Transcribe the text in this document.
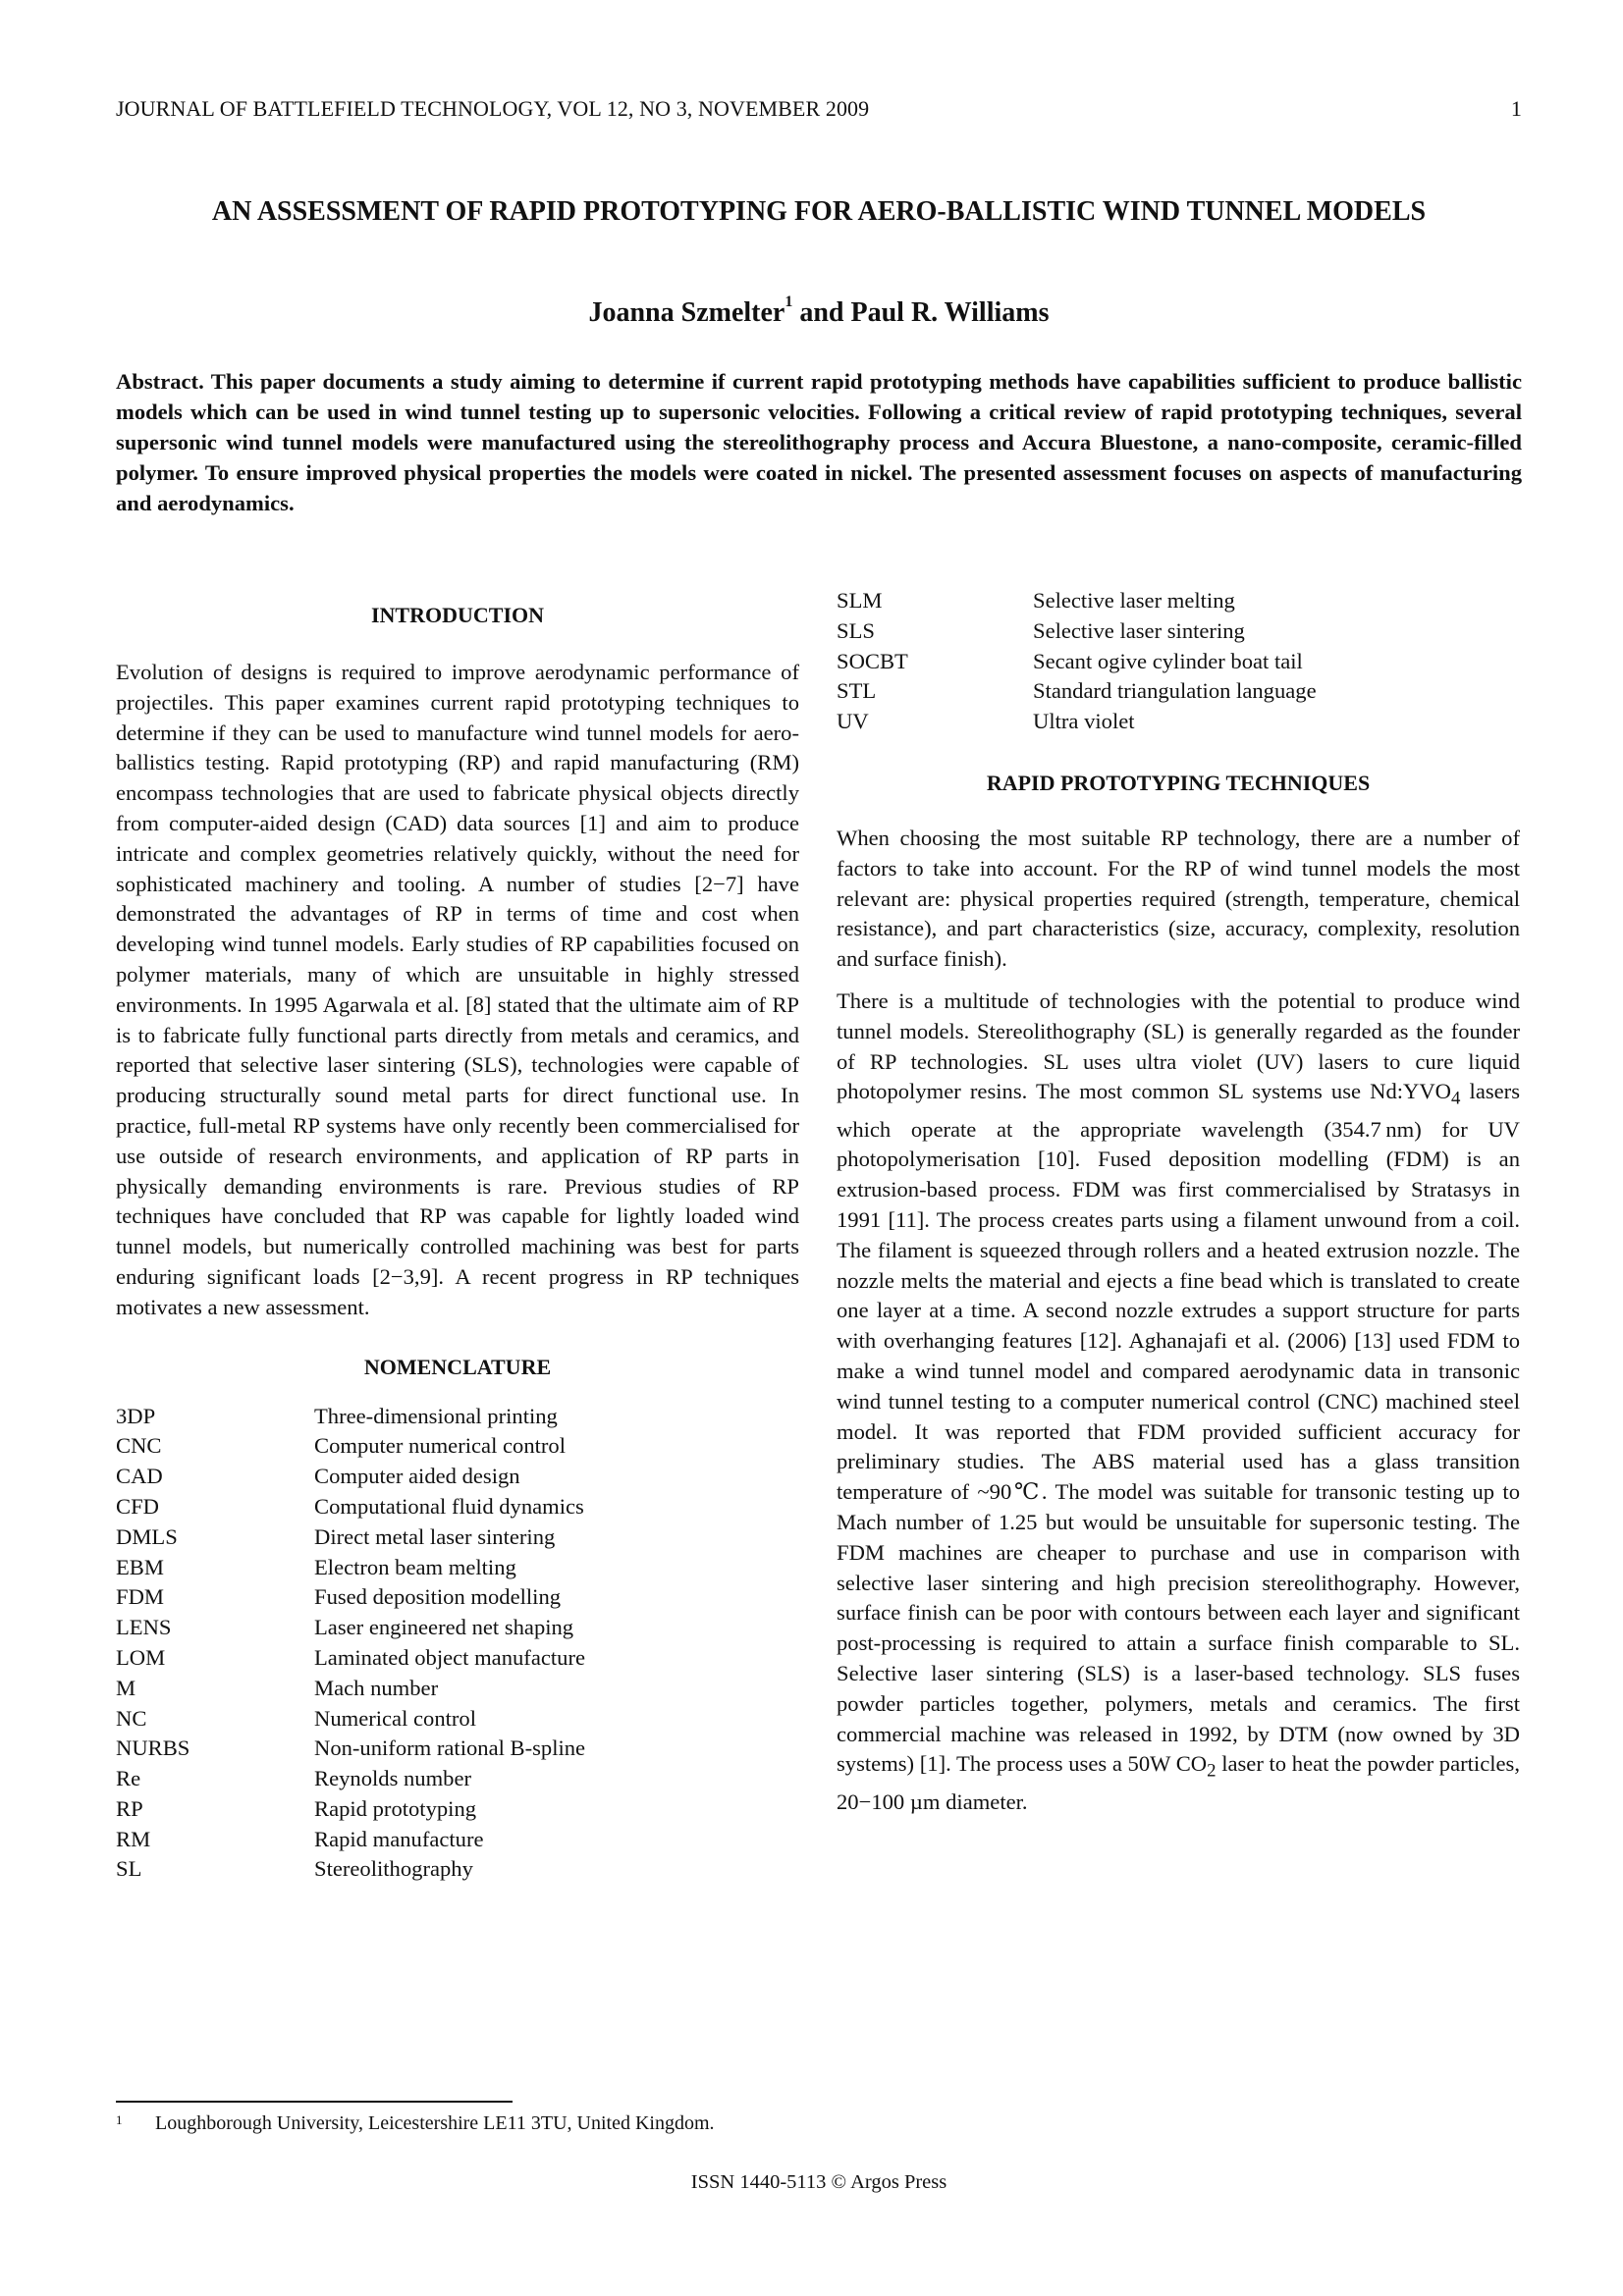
JOURNAL OF BATTLEFIELD TECHNOLOGY, VOL 12, NO 3, NOVEMBER 2009	1
AN ASSESSMENT OF RAPID PROTOTYPING FOR AERO-BALLISTIC WIND TUNNEL MODELS
Joanna Szmelter$^1$ and Paul R. Williams
Abstract. This paper documents a study aiming to determine if current rapid prototyping methods have capabilities sufficient to produce ballistic models which can be used in wind tunnel testing up to supersonic velocities. Following a critical review of rapid prototyping techniques, several supersonic wind tunnel models were manufactured using the stereolithography process and Accura Bluestone, a nano-composite, ceramic-filled polymer. To ensure improved physical properties the models were coated in nickel. The presented assessment focuses on aspects of manufacturing and aerodynamics.
INTRODUCTION

Evolution of designs is required to improve aerodynamic performance of projectiles. This paper examines current rapid prototyping techniques to determine if they can be used to manufacture wind tunnel models for aero-ballistics testing. Rapid prototyping (RP) and rapid manufacturing (RM) encompass technologies that are used to fabricate physical objects directly from computer-aided design (CAD) data sources [1] and aim to produce intricate and complex geometries relatively quickly, without the need for sophisticated machinery and tooling. A number of studies [2−7] have demonstrated the advantages of RP in terms of time and cost when developing wind tunnel models. Early studies of RP capabilities focused on polymer materials, many of which are unsuitable in highly stressed environments. In 1995 Agarwala et al. [8] stated that the ultimate aim of RP is to fabricate fully functional parts directly from metals and ceramics, and reported that selective laser sintering (SLS), technologies were capable of producing structurally sound metal parts for direct functional use. In practice, full-metal RP systems have only recently been commercialised for use outside of research environments, and application of RP parts in physically demanding environments is rare. Previous studies of RP techniques have concluded that RP was capable for lightly loaded wind tunnel models, but numerically controlled machining was best for parts enduring significant loads [2−3,9]. A recent progress in RP techniques motivates a new assessment.

NOMENCLATURE
3DP	Three-dimensional printing
CNC	Computer numerical control
CAD	Computer aided design
CFD	Computational fluid dynamics
DMLS	Direct metal laser sintering
EBM	Electron beam melting
FDM	Fused deposition modelling
LENS	Laser engineered net shaping
LOM	Laminated object manufacture
M	Mach number
NC	Numerical control
NURBS	Non-uniform rational B-spline
Re	Reynolds number
RP	Rapid prototyping
RM	Rapid manufacture
SL	Stereolithography
SLM	Selective laser melting
SLS	Selective laser sintering
SOCBT	Secant ogive cylinder boat tail
STL	Standard triangulation language
UV	Ultra violet
RAPID PROTOTYPING TECHNIQUES

When choosing the most suitable RP technology, there are a number of factors to take into account. For the RP of wind tunnel models the most relevant are: physical properties required (strength, temperature, chemical resistance), and part characteristics (size, accuracy, complexity, resolution and surface finish).

There is a multitude of technologies with the potential to produce wind tunnel models. Stereolithography (SL) is generally regarded as the founder of RP technologies. SL uses ultra violet (UV) lasers to cure liquid photopolymer resins. The most common SL systems use $Nd:YVO_4$ lasers which operate at the appropriate wavelength (354.7 nm) for UV photopolymerisation [10]. Fused deposition modelling (FDM) is an extrusion-based process. FDM was first commercialised by Stratasys in 1991 [11]. The process creates parts using a filament unwound from a coil. The filament is squeezed through rollers and a heated extrusion nozzle. The nozzle melts the material and ejects a fine bead which is translated to create one layer at a time. A second nozzle extrudes a support structure for parts with overhanging features [12]. Aghanajafi et al. (2006) [13] used FDM to make a wind tunnel model and compared aerodynamic data in transonic wind tunnel testing to a computer numerical control (CNC) machined steel model. It was reported that FDM provided sufficient accuracy for preliminary studies. The ABS material used has a glass transition temperature of ~90℃. The model was suitable for transonic testing up to Mach number of 1.25 but would be unsuitable for supersonic testing. The FDM machines are cheaper to purchase and use in comparison with selective laser sintering and high precision stereolithography. However, surface finish can be poor with contours between each layer and significant post-processing is required to attain a surface finish comparable to SL. Selective laser sintering (SLS) is a laser-based technology. SLS fuses powder particles together, polymers, metals and ceramics. The first commercial machine was released in 1992, by DTM (now owned by 3D systems) [1]. The process uses a 50W $CO_2$ laser to heat the powder particles, 20−100 µm diameter.

1 Loughborough University, Leicestershire LE11 3TU, United Kingdom.
ISSN 1440-5113 © Argos Press
